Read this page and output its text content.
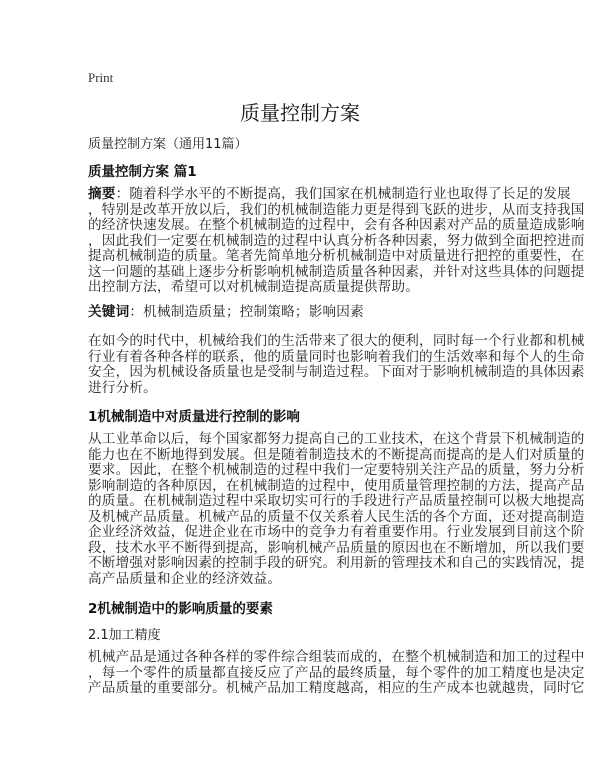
Print
质量控制方案
质量控制方案（通用11篇）
质量控制方案 篇1
摘要：随着科学水平的不断提高，我们国家在机械制造行业也取得了长足的发展
，特别是改革开放以后，我们的机械制造能力更是得到飞跃的进步，从而支持我国
的经济快速发展。在整个机械制造的过程中，会有各种因素对产品的质量造成影响
，因此我们一定要在机械制造的过程中认真分析各种因素，努力做到全面把控进而
提高机械制造的质量。笔者先简单地分析机械制造中对质量进行把控的重要性，在
这一问题的基础上逐步分析影响机械制造质量各种因素，并针对这些具体的问题提
出控制方法，希望可以对机械制造提高质量提供帮助。
关键词：机械制造质量；控制策略；影响因素
在如今的时代中，机械给我们的生活带来了很大的便利，同时每一个行业都和机械
行业有着各种各样的联系，他的质量同时也影响着我们的生活效率和每个人的生命
安全，因为机械设备质量也是受制与制造过程。下面对于影响机械制造的具体因素
进行分析。
1机械制造中对质量进行控制的影响
从工业革命以后，每个国家都努力提高自己的工业技术，在这个背景下机械制造的
能力也在不断地得到发展。但是随着制造技术的不断提高而提高的是人们对质量的
要求。因此，在整个机械制造的过程中我们一定要特别关注产品的质量，努力分析
影响制造的各种原因，在机械制造的过程中，使用质量管理控制的方法，提高产品
的质量。在机械制造过程中采取切实可行的手段进行产品质量控制可以极大地提高
及机械产品质量。机械产品的质量不仅关系着人民生活的各个方面，还对提高制造
企业经济效益，促进企业在市场中的竞争力有着重要作用。行业发展到目前这个阶
段，技术水平不断得到提高，影响机械产品质量的原因也在不断增加，所以我们要
不断增强对影响因素的控制手段的研究。利用新的管理技术和自己的实践情况，提
高产品质量和企业的经济效益。
2机械制造中的影响质量的要素
2.1加工精度
机械产品是通过各种各样的零件综合组装而成的，在整个机械制造和加工的过程中
，每一个零件的质量都直接反应了产品的最终质量，每个零件的加工精度也是决定
产品质量的重要部分。机械产品加工精度越高，相应的生产成本也就越贵，同时它
